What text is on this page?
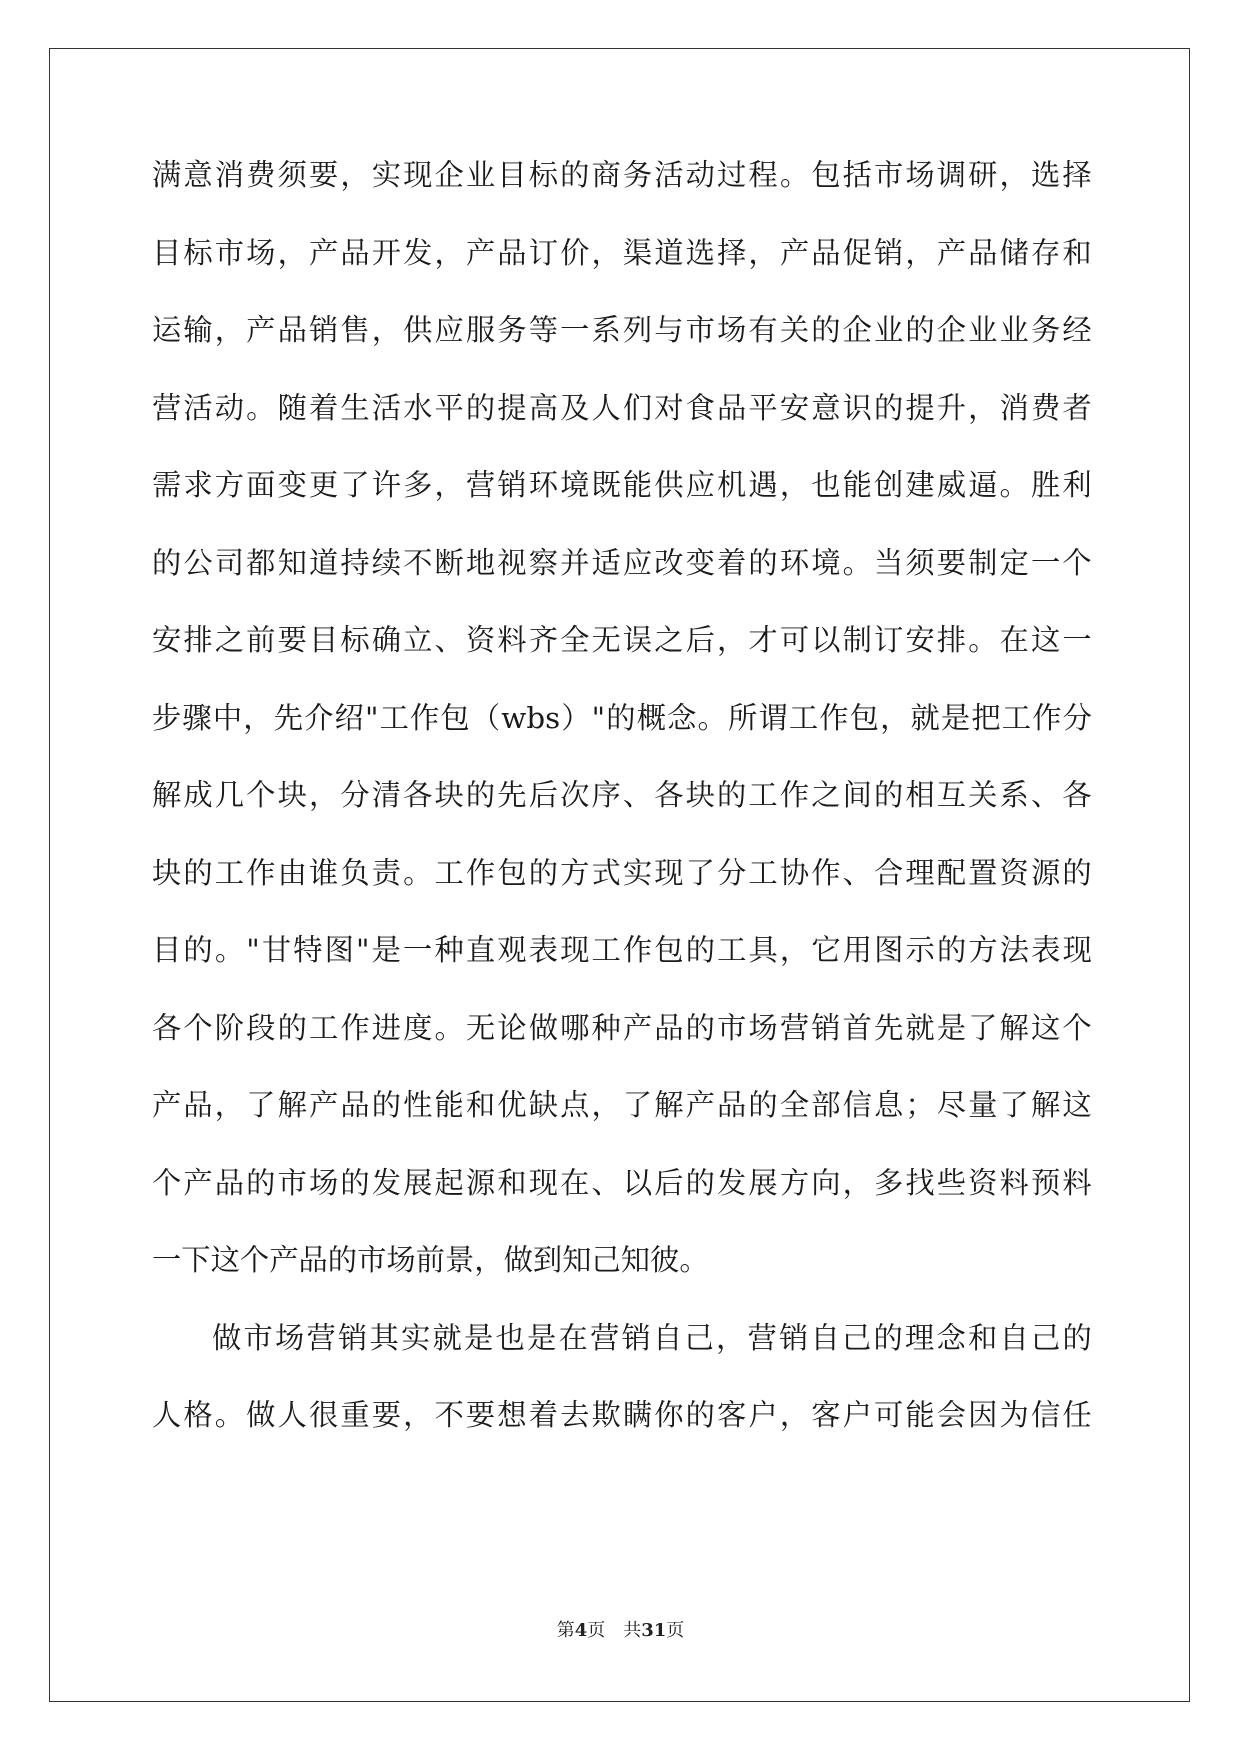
满 意 消 费 须 要 ， 实 现 企 业 目 标 的 商 务 活 动 过 程 。 包 括 市 场 调 研 ， 选 择
目 标 市 场 ， 产 品 开 发 ， 产 品 订 价 ， 渠 道 选 择 ， 产 品 促 销 ， 产 品 储 存 和
运 输 ， 产 品 销 售 ， 供 应 服 务 等 一 系 列 与 市 场 有 关 的 企 业 的 企 业 业 务 经
营 活 动 。 随 着 生 活 水 平 的 提 高 及 人 们 对 食 品 平 安 意 识 的 提 升 ， 消 费 者
需 求 方 面 变 更 了 许 多 ， 营 销 环 境 既 能 供 应 机 遇 ， 也 能 创 建 威 逼 。 胜 利
的 公 司 都 知 道 持 续 不 断 地 视 察 并 适 应 改 变 着 的 环 境 。 当 须 要 制 定 一 个
安 排 之 前 要 目 标 确 立 、 资 料 齐 全 无 误 之 后 ， 才 可 以 制 订 安 排 。 在 这 一
步 骤 中 ， 先 介 绍 " 工 作 包 （ wbs ） " 的 概 念 。 所 谓 工 作 包 ， 就 是 把 工 作 分
解 成 几 个 块 ， 分 清 各 块 的 先 后 次 序 、 各 块 的 工 作 之 间 的 相 互 关 系 、 各
块 的 工 作 由 谁 负 责 。 工 作 包 的 方 式 实 现 了 分 工 协 作 、 合 理 配 置 资 源 的
目 的 。 " 甘 特 图 " 是 一 种 直 观 表 现 工 作 包 的 工 具 ， 它 用 图 示 的 方 法 表 现
各 个 阶 段 的 工 作 进 度 。 无 论 做 哪 种 产 品 的 市 场 营 销 首 先 就 是 了 解 这 个
产 品 ， 了 解 产 品 的 性 能 和 优 缺 点 ， 了 解 产 品 的 全 部 信 息 ； 尽 量 了 解 这
个 产 品 的 市 场 的 发 展 起 源 和 现 在 、 以 后 的 发 展 方 向 ， 多 找 些 资 料 预 料
一下这个产品的市场前景，做到知己知彼。
做 市 场 营 销 其 实 就 是 也 是 在 营 销 自 己 ， 营 销 自 己 的 理 念 和 自 己 的
人 格 。 做 人 很 重 要 ， 不 要 想 着 去 欺 瞒 你 的 客 户 ， 客 户 可 能 会 因 为 信 任
第4页 共31页
